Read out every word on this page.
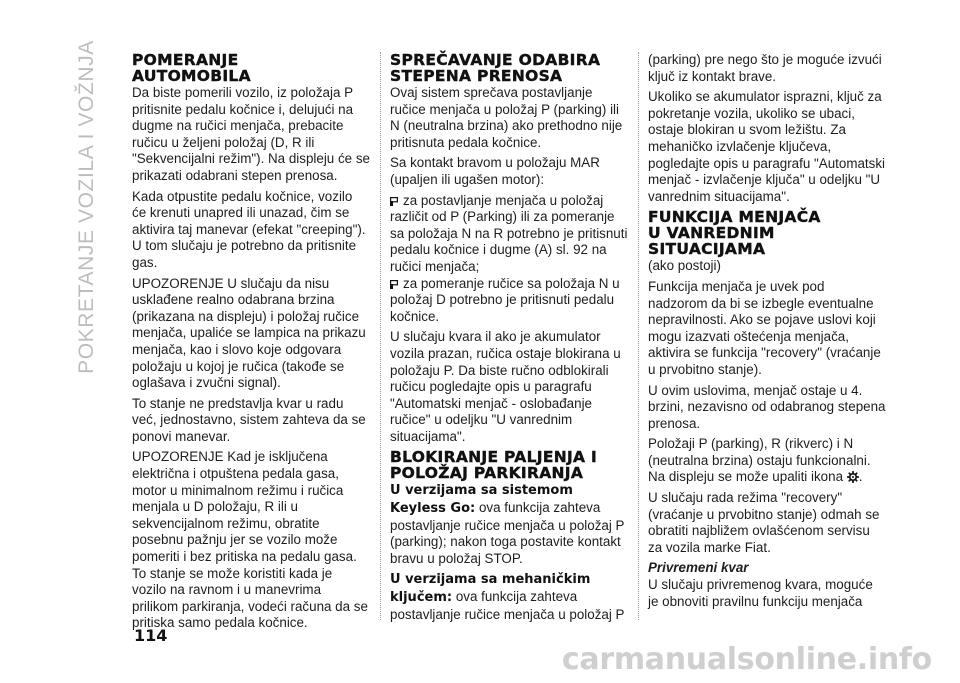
POKRETANJE VOZILA I VOŽNJA POMERANJE
AUTOMOBILA

Da biste pomerili vozilo, iz položaja P pritisnite pedalu kočnice i, delujući na dugme na ručici menjača, prebacite ručicu u željeni položaj (D, R ili "Sekvencijalni režim"). Na displeju će se prikazati odabrani stepen prenosa.

Kada otpustite pedalu kočnice, vozilo će krenuti unapred ili unazad, čim se aktivira taj manevar (efekat "creeping"). U tom slučaju je potrebno da pritisnite gas.

UPOZORENJE U slučaju da nisu usklađene realno odabrana brzina (prikazana na displeju) i položaj ručice menjača, upaliće se lampica na prikazu menjača, kao i slovo koje odgovara položaju u kojoj je ručica (takođe se oglašava i zvučni signal).

To stanje ne predstavlja kvar u radu već, jednostavno, sistem zahteva da se ponovi manevar.

UPOZORENJE Kad je isključena električna i otpuštena pedala gasa, motor u minimalnom režimu i ručica menjala u D položaju, R ili u sekvencijalnom režimu, obratite posebnu pažnju jer se vozilo može pomeriti i bez pritiska na pedalu gasa. To stanje se može koristiti kada je vozilo na ravnom i u manevrima prilikom parkiranja, vodeći računa da se pritiska samo pedala kočnice.

SPREČAVANJE ODABIRA
STEPENA PRENOSA

Ovaj sistem sprečava postavljanje ručice menjača u položaj P (parking) ili N (neutralna brzina) ako prethodno nije pritisnuta pedala kočnice.

Sa kontakt bravom u položaju MAR (upaljen ili ugašen motor):

za postavljanje menjača u položaj različit od P (Parking) ili za pomeranje sa položaja N na R potrebno je pritisnuti pedalu kočnice i dugme (A) sl. 92 na ručici menjača;

za pomeranje ručice sa položaja N u položaj D potrebno je pritisnuti pedalu kočnice.

U slučaju kvara il ako je akumulator vozila prazan, ručica ostaje blokirana u položaju P. Da biste ručno odblokirali ručicu pogledajte opis u paragrafu "Automatski menjač - oslobađanje ručice" u odeljku "U vanrednim situacijama".

BLOKIRANJE PALJENJA I
POLOŽAJ PARKIRANJA

U verzijama sa sistemom Keyless Go: ova funkcija zahteva postavljanje ručice menjača u položaj P (parking); nakon toga postavite kontakt bravu u položaj STOP.

U verzijama sa mehaničkim ključem: ova funkcija zahteva postavljanje ručice menjača u položaj P

(parking) pre nego što je moguće izvući ključ iz kontakt brave.

Ukoliko se akumulator isprazni, ključ za pokretanje vozila, ukoliko se ubaci, ostaje blokiran u svom ležištu. Za mehaničko izvlačenje ključeva, pogledajte opis u paragrafu "Automatski menjač - izvlačenje ključa" u odeljku "U vanrednim situacijama".

FUNKCIJA MENJAČA
U VANREDNIM
SITUACIJAMA

(ako postoji)

Funkcija menjača je uvek pod nadzorom da bi se izbegle eventualne nepravilnosti. Ako se pojave uslovi koji mogu izazvati oštećenja menjača, aktivira se funkcija "recovery" (vraćanje u prvobitno stanje).

U ovim uslovima, menjač ostaje u 4. brzini, nezavisno od odabranog stepena prenosa.

Položaji P (parking), R (rikverc) i N (neutralna brzina) ostaju funkcionalni. Na displeju se može upaliti ikona .

U slučaju rada režima "recovery" (vraćanje u prvobitno stanje) odmah se obratiti najbližem ovlašćenom servisu za vozila marke Fiat.

Privremeni kvar

U slučaju privremenog kvara, moguće je obnoviti pravilnu funkciju menjača

114
carmanualsonline.info
